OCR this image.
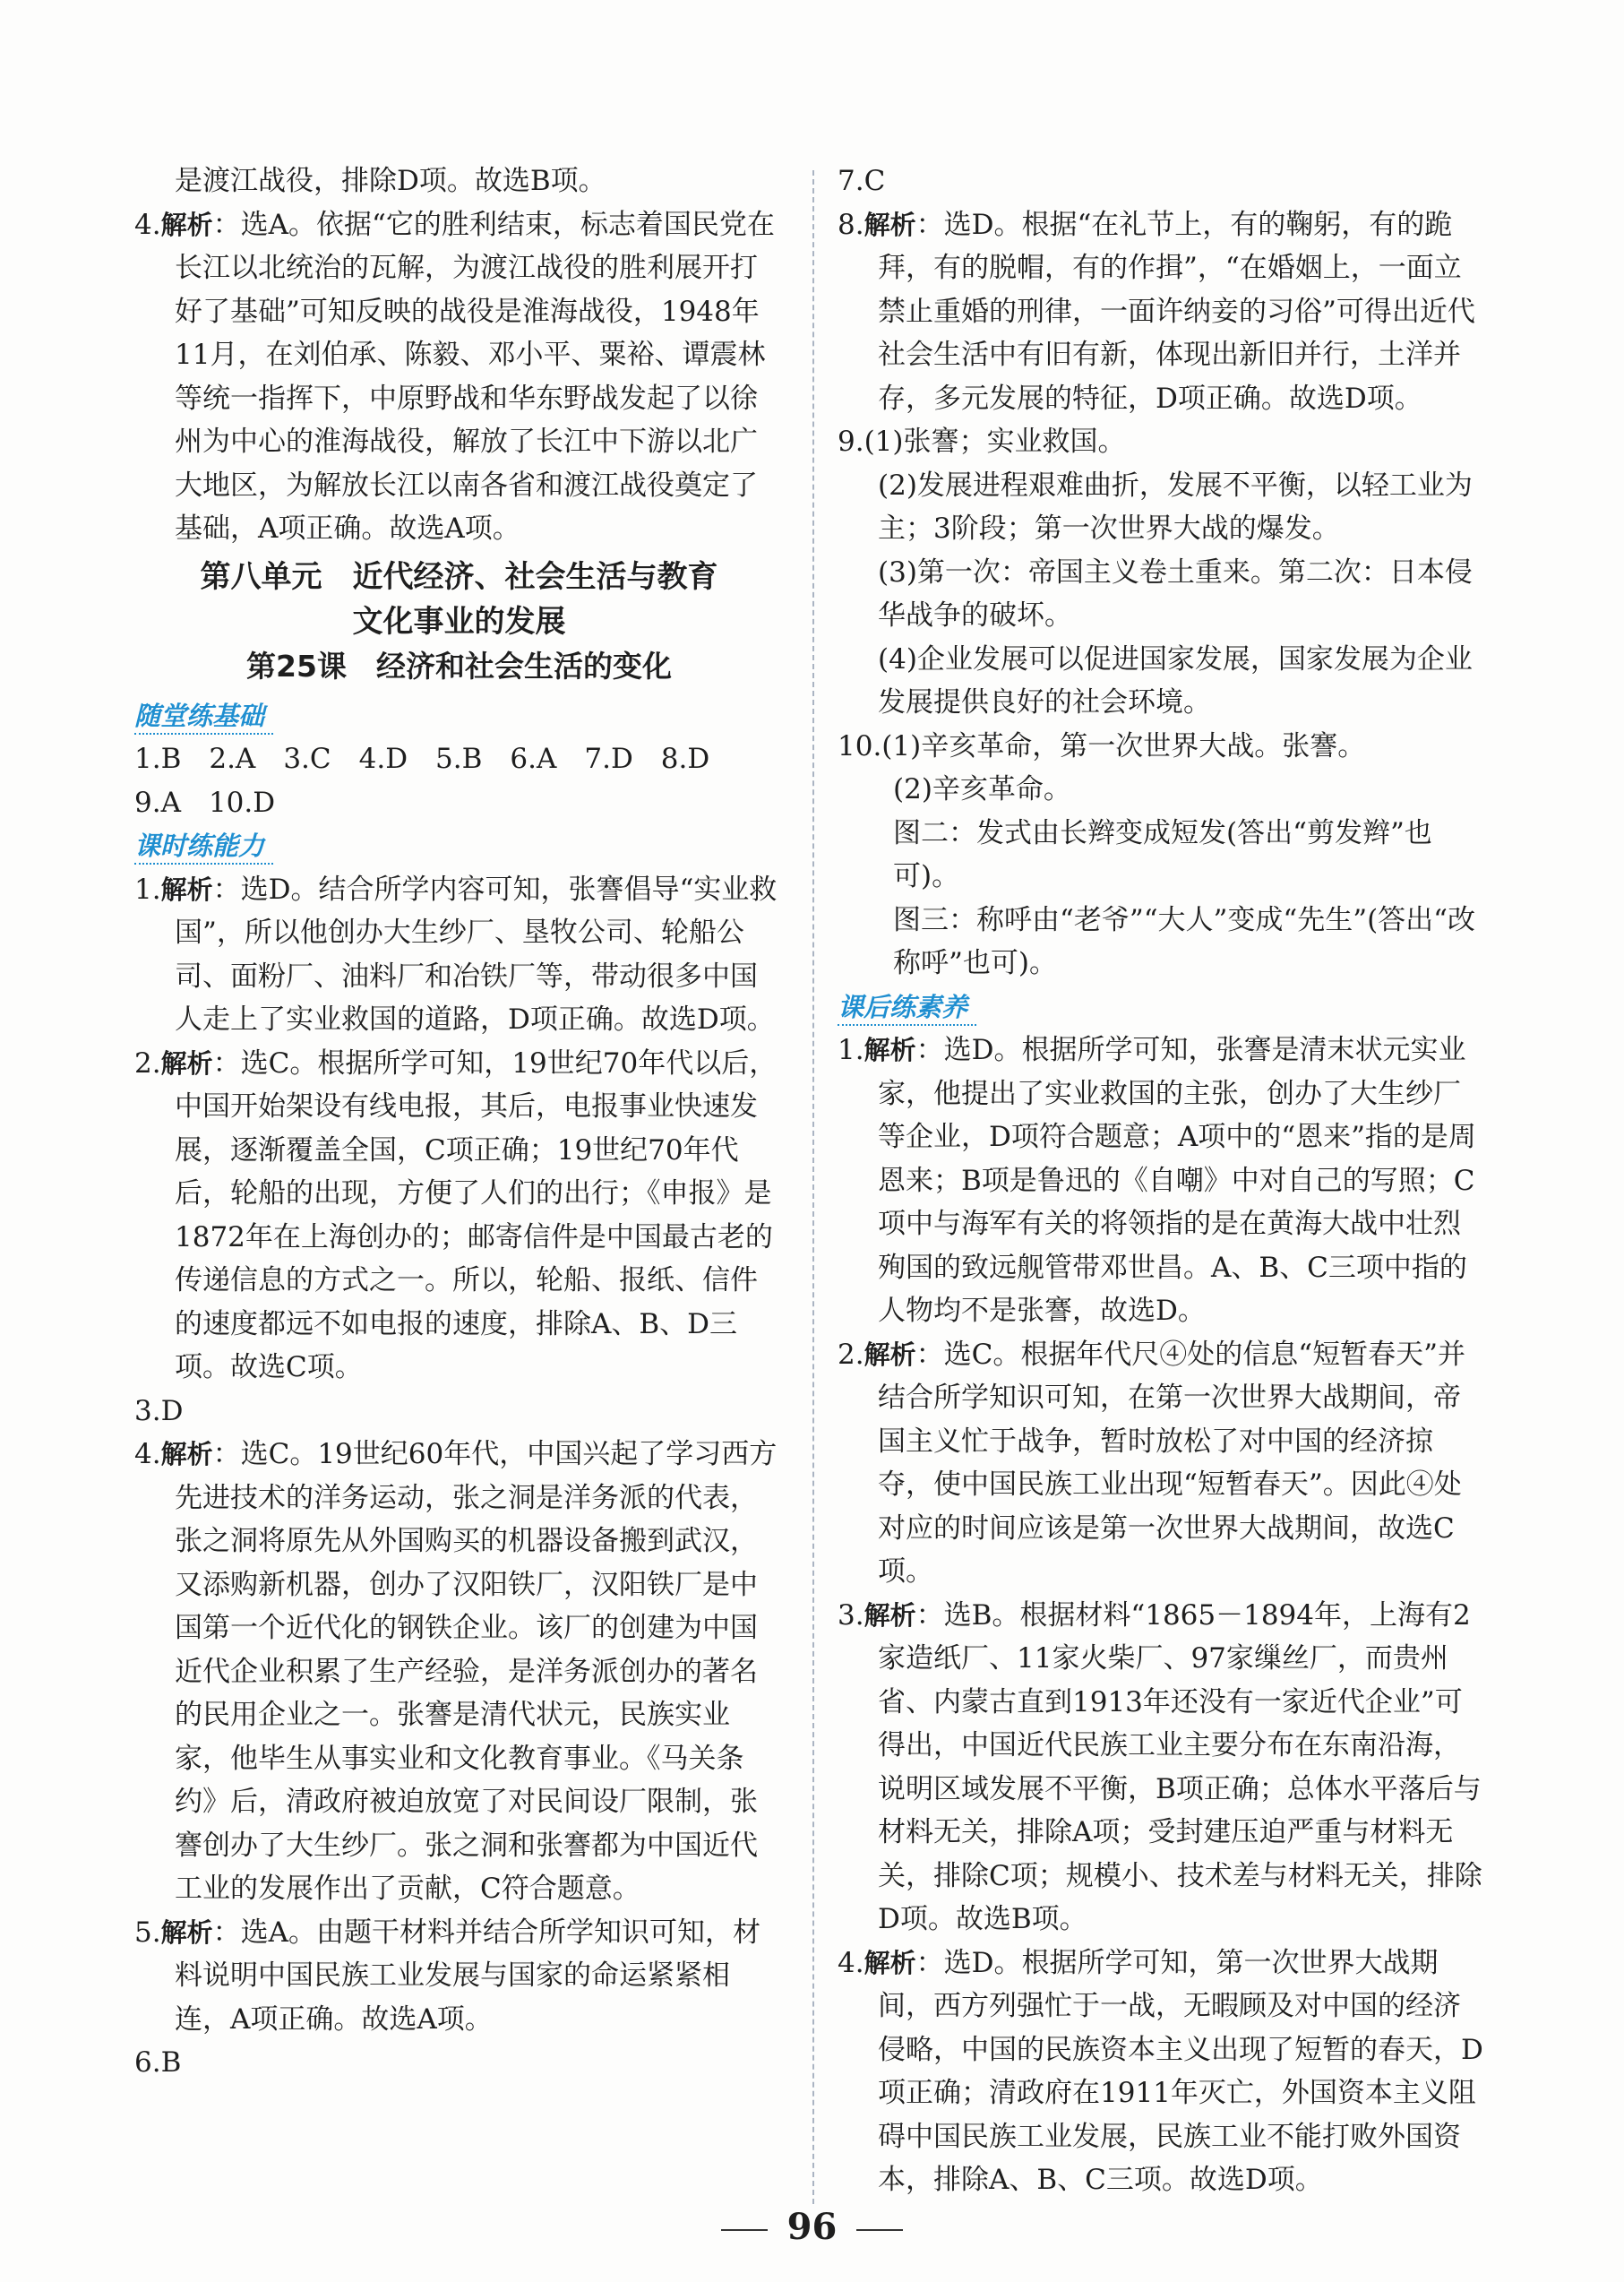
是渡江战役，排除D项。故选B项。

4.解析：选A。依据“它的胜利结束，标志着国民党在长江以北统治的瓦解，为渡江战役的胜利展开打好了基础”可知反映的战役是淮海战役，1948年11月，在刘伯承、陈毅、邓小平、粟裕、谭震林等统一指挥下，中原野战和华东野战发起了以徐州为中心的淮海战役，解放了长江中下游以北广大地区，为解放长江以南各省和渡江战役奠定了基础，A项正确。故选A项。

第八单元　近代经济、社会生活与教育

文化事业的发展

第25课　经济和社会生活的变化

随堂练基础

1.B　2.A　3.C　4.D　5.B　6.A　7.D　8.D

9.A　10.D

课时练能力

1.解析：选D。结合所学内容可知，张謇倡导“实业救国”，所以他创办大生纱厂、垦牧公司、轮船公司、面粉厂、油料厂和冶铁厂等，带动很多中国人走上了实业救国的道路，D项正确。故选D项。

2.解析：选C。根据所学可知，19世纪70年代以后，中国开始架设有线电报，其后，电报事业快速发展，逐渐覆盖全国，C项正确；19世纪70年代后，轮船的出现，方便了人们的出行；《申报》是1872年在上海创办的；邮寄信件是中国最古老的传递信息的方式之一。所以，轮船、报纸、信件的速度都远不如电报的速度，排除A、B、D三项。故选C项。

3.D

4.解析：选C。19世纪60年代，中国兴起了学习西方先进技术的洋务运动，张之洞是洋务派的代表，张之洞将原先从外国购买的机器设备搬到武汉，又添购新机器，创办了汉阳铁厂，汉阳铁厂是中国第一个近代化的钢铁企业。该厂的创建为中国近代企业积累了生产经验，是洋务派创办的著名的民用企业之一。张謇是清代状元，民族实业家，他毕生从事实业和文化教育事业。《马关条约》后，清政府被迫放宽了对民间设厂限制，张謇创办了大生纱厂。张之洞和张謇都为中国近代工业的发展作出了贡献，C符合题意。

5.解析：选A。由题干材料并结合所学知识可知，材料说明中国民族工业发展与国家的命运紧紧相连，A项正确。故选A项。

6.B

7.C

8.解析：选D。根据“在礼节上，有的鞠躬，有的跪拜，有的脱帽，有的作揖”，“在婚姻上，一面立禁止重婚的刑律，一面许纳妾的习俗”可得出近代社会生活中有旧有新，体现出新旧并行，土洋并存，多元发展的特征，D项正确。故选D项。

9.(1)张謇；实业救国。

(2)发展进程艰难曲折，发展不平衡，以轻工业为主；3阶段；第一次世界大战的爆发。

(3)第一次：帝国主义卷土重来。第二次：日本侵华战争的破坏。

(4)企业发展可以促进国家发展，国家发展为企业发展提供良好的社会环境。

10.(1)辛亥革命，第一次世界大战。张謇。

(2)辛亥革命。

图二：发式由长辫变成短发(答出“剪发辫”也可)。

图三：称呼由“老爷”“大人”变成“先生”(答出“改称呼”也可)。

课后练素养

1.解析：选D。根据所学可知，张謇是清末状元实业家，他提出了实业救国的主张，创办了大生纱厂等企业，D项符合题意；A项中的“恩来”指的是周恩来；B项是鲁迅的《自嘲》中对自己的写照；C项中与海军有关的将领指的是在黄海大战中壮烈殉国的致远舰管带邓世昌。A、B、C三项中指的人物均不是张謇，故选D。

2.解析：选C。根据年代尺④处的信息“短暂春天”并结合所学知识可知，在第一次世界大战期间，帝国主义忙于战争，暂时放松了对中国的经济掠夺，使中国民族工业出现“短暂春天”。因此④处对应的时间应该是第一次世界大战期间，故选C项。

3.解析：选B。根据材料“1865－1894年，上海有2家造纸厂、11家火柴厂、97家缫丝厂，而贵州省、内蒙古直到1913年还没有一家近代企业”可得出，中国近代民族工业主要分布在东南沿海，说明区域发展不平衡，B项正确；总体水平落后与材料无关，排除A项；受封建压迫严重与材料无关，排除C项；规模小、技术差与材料无关，排除D项。故选B项。

4.解析：选D。根据所学可知，第一次世界大战期间，西方列强忙于一战，无暇顾及对中国的经济侵略，中国的民族资本主义出现了短暂的春天，D项正确；清政府在1911年灭亡，外国资本主义阻碍中国民族工业发展，民族工业不能打败外国资本，排除A、B、C三项。故选D项。

96
